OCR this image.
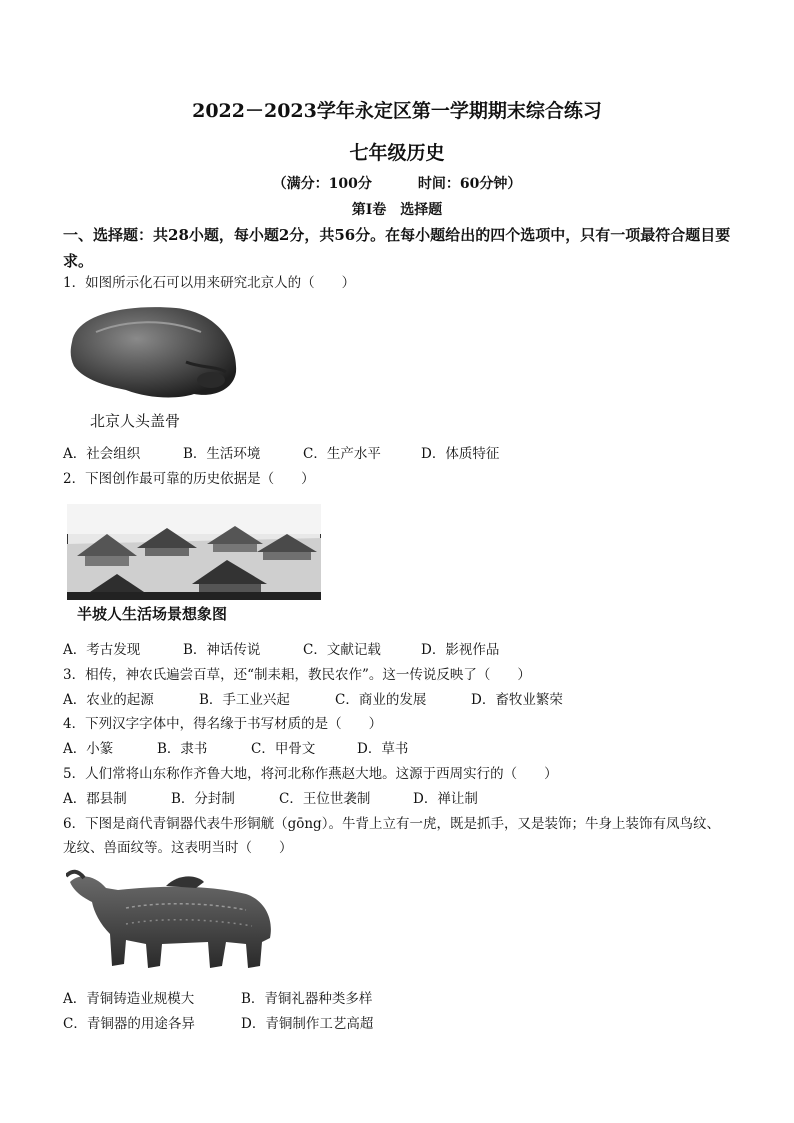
2022－2023学年永定区第一学期期末综合练习
七年级历史
（满分：100分	时间：60分钟）
第Ⅰ卷　选择题
一、选择题：共28小题，每小题2分，共56分。在每小题给出的四个选项中，只有一项最符合题目要求。
1．如图所示化石可以用来研究北京人的（　　）
北京人头盖骨
A．社会组织	B．生活环境	C．生产水平	D．体质特征
2．下图创作最可靠的历史依据是（　　）
半坡人生活场景想象图
A．考古发现	B．神话传说	C．文献记载	D．影视作品
3．相传，神农氏遍尝百草，还“制耒耜，教民农作”。这一传说反映了（　　）
A．农业的起源	B．手工业兴起	C．商业的发展	D．畜牧业繁荣
4．下列汉字字体中，得名缘于书写材质的是（　　）
A．小篆	B．隶书	C．甲骨文	D．草书
5．人们常将山东称作齐鲁大地，将河北称作燕赵大地。这源于西周实行的（　　）
A．郡县制	B．分封制	C．王位世袭制	D．禅让制
6．下图是商代青铜器代表牛形铜觥（gōng）。牛背上立有一虎，既是抓手，又是装饰；牛身上装饰有凤鸟纹、
龙纹、兽面纹等。这表明当时（　　）
A．青铜铸造业规模大	B．青铜礼器种类多样
C．青铜器的用途各异	D．青铜制作工艺高超
